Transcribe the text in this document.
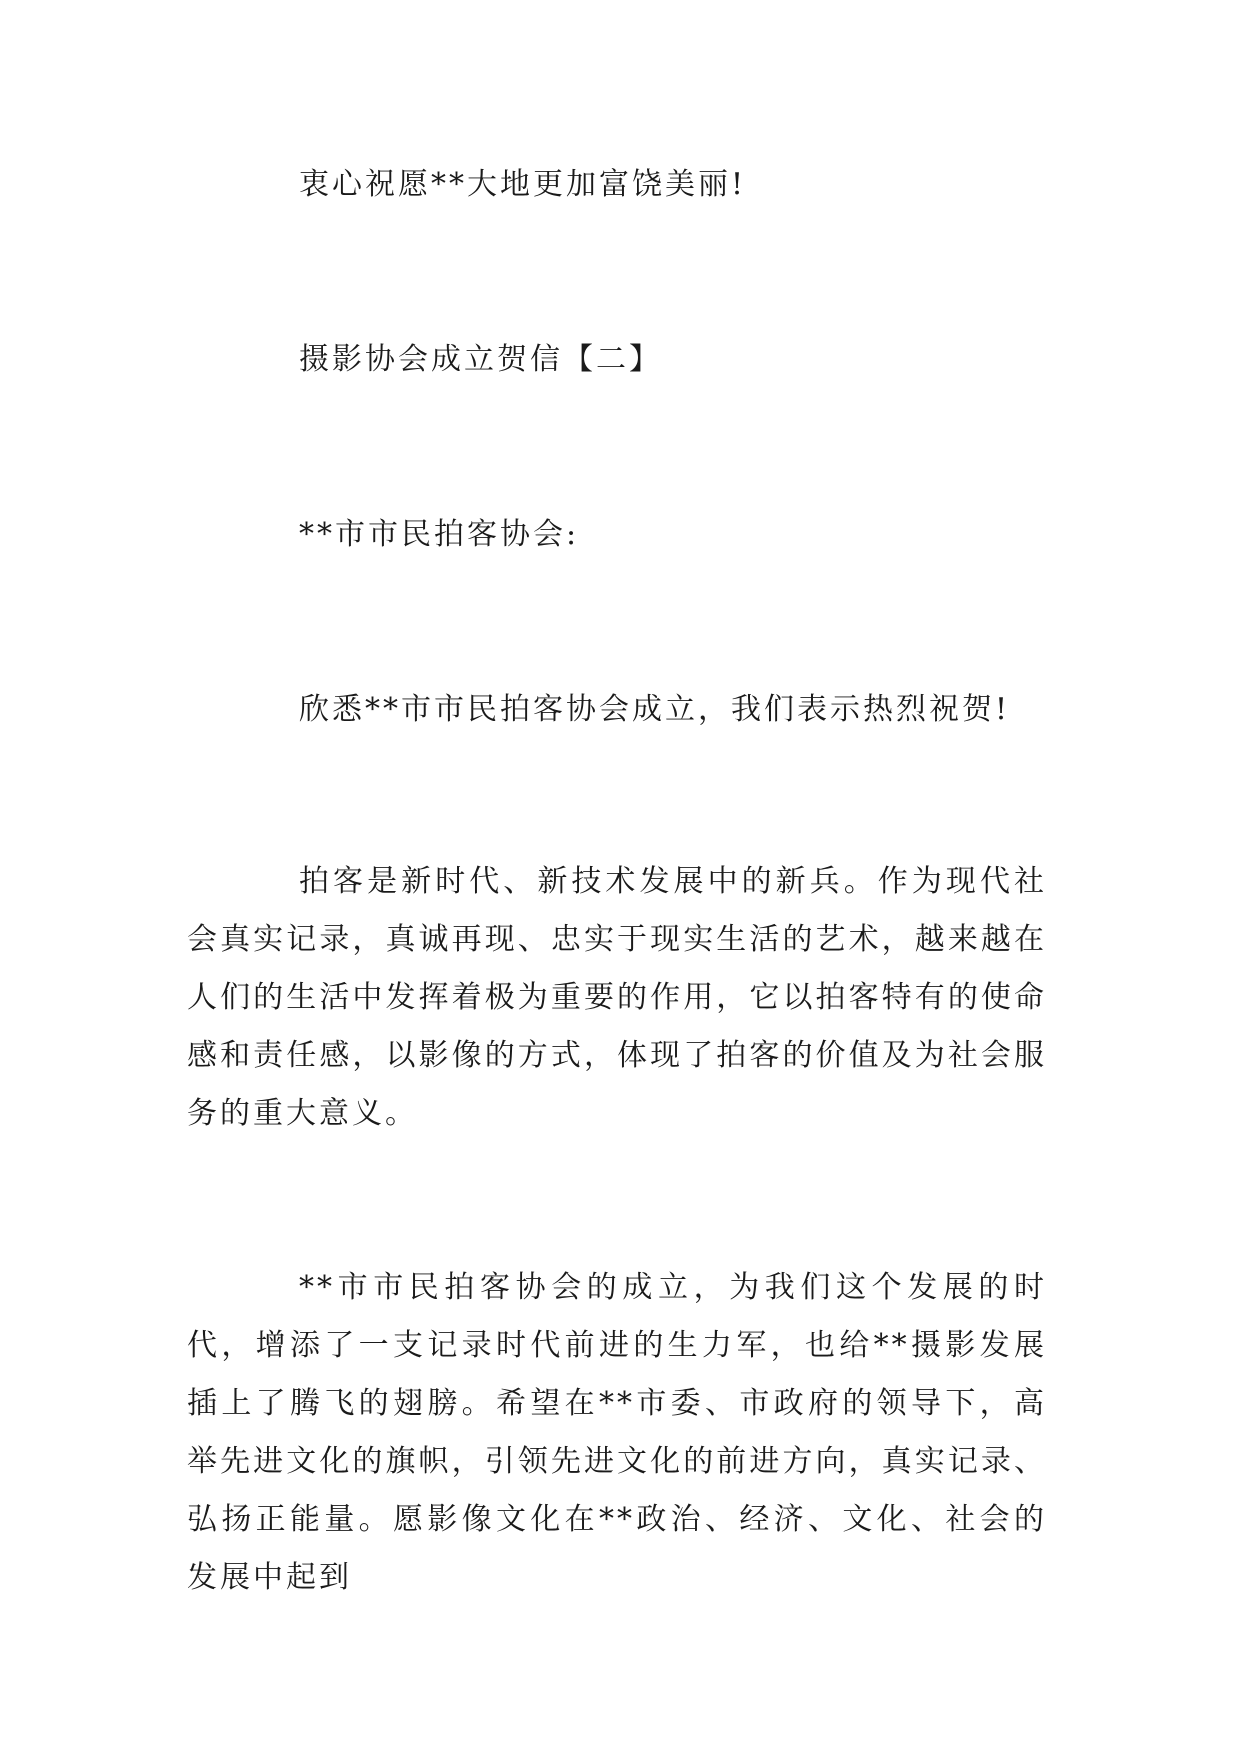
衷心祝愿**大地更加富饶美丽!

摄影协会成立贺信【二】

**市市民拍客协会:

欣悉**市市民拍客协会成立，我们表示热烈祝贺!

拍客是新时代、新技术发展中的新兵。作为现代社会真实记录，真诚再现、忠实于现实生活的艺术，越来越在人们的生活中发挥着极为重要的作用，它以拍客特有的使命感和责任感，以影像的方式，体现了拍客的价值及为社会服务的重大意义。

**市市民拍客协会的成立，为我们这个发展的时代，增添了一支记录时代前进的生力军，也给**摄影发展插上了腾飞的翅膀。希望在**市委、市政府的领导下，高举先进文化的旗帜，引领先进文化的前进方向，真实记录、弘扬正能量。愿影像文化在**政治、经济、文化、社会的发展中起到
